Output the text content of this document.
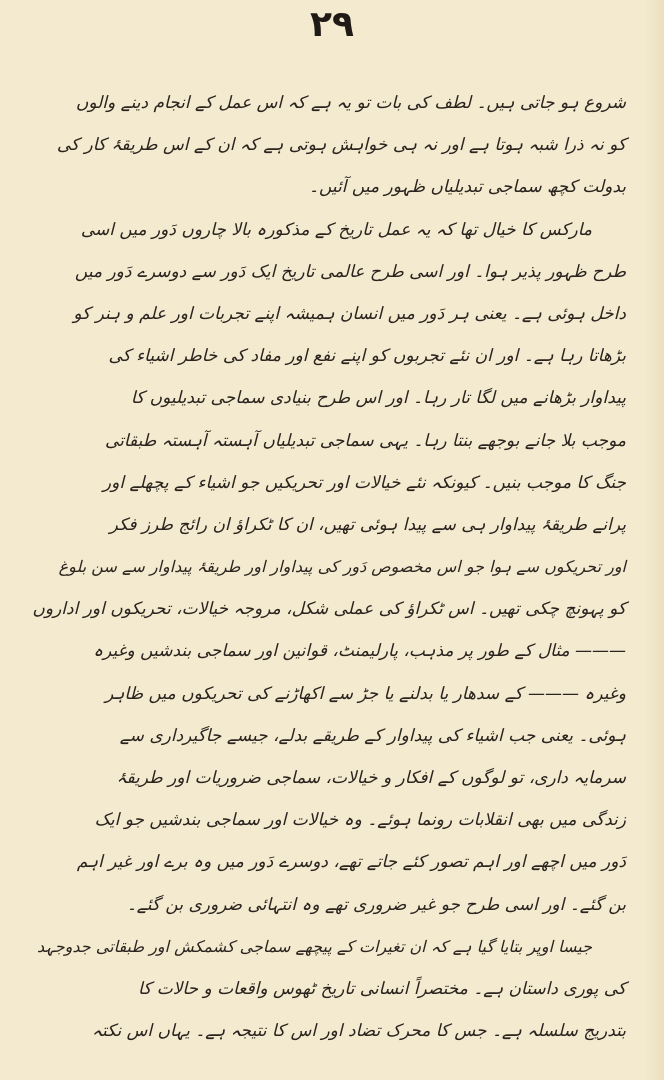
۲۹
شروع ہو جاتی ہیں۔ لطف کی بات تو یہ ہے کہ اس عمل کے انجام دینے والوں
کو نہ ذرا شبہ ہوتا ہے اور نہ ہی خواہش ہوتی ہے کہ ان کے اس طریقۂ کار کی
بدولت کچھ سماجی تبدیلیاں ظہور میں آئیں۔
مارکس کا خیال تھا کہ یہ عمل تاریخ کے مذکورہ بالا چاروں دَور میں اسی
طرح ظہور پذیر ہوا۔ اور اسی طرح عالمی تاریخ ایک دَور سے دوسرے دَور میں
داخل ہوئی ہے۔ یعنی ہر دَور میں انسان ہمیشہ اپنے تجربات اور علم و ہنر کو
بڑھاتا رہا ہے۔ اور ان نئے تجربوں کو اپنے نفع اور مفاد کی خاطر اشیاء کی
پیداوار بڑھانے میں لگا تار رہا۔ اور اس طرح بنیادی سماجی تبدیلیوں کا
موجب بلا جانے بوجھے بنتا رہا۔ یہی سماجی تبدیلیاں آہستہ آہستہ طبقاتی
جنگ کا موجب بنیں۔ کیونکہ نئے خیالات اور تحریکیں جو اشیاء کے پچھلے اور
پرانے طریقۂ پیداوار ہی سے پیدا ہوئی تھیں، ان کا ٹکراؤ ان رائج طرز فکر
اور تحریکوں سے ہوا جو اس مخصوص دَور کی پیداوار اور طریقۂ پیداوار سے سن بلوغ
کو پہونچ چکی تھیں۔ اس ٹکراؤ کی عملی شکل، مروجہ خیالات، تحریکوں اور اداروں
——— مثال کے طور پر مذہب، پارلیمنٹ، قوانین اور سماجی بندشیں وغیرہ
وغیرہ ——— کے سدھار یا بدلنے یا جڑ سے اکھاڑنے کی تحریکوں میں ظاہر
ہوئی۔ یعنی جب اشیاء کی پیداوار کے طریقے بدلے، جیسے جاگیرداری سے
سرمایہ داری، تو لوگوں کے افکار و خیالات، سماجی ضروریات اور طریقۂ
زندگی میں بھی انقلابات رونما ہوئے۔ وہ خیالات اور سماجی بندشیں جو ایک
دَور میں اچھے اور اہم تصور کئے جاتے تھے، دوسرے دَور میں وہ برے اور غیر اہم
بن گئے۔ اور اسی طرح جو غیر ضروری تھے وہ انتہائی ضروری بن گئے۔
جیسا اوپر بتایا گیا ہے کہ ان تغیرات کے پیچھے سماجی کشمکش اور طبقاتی جدوجہد
کی پوری داستان ہے۔ مختصراً انسانی تاریخ ٹھوس واقعات و حالات کا
بتدریج سلسلہ ہے۔ جس کا محرک تضاد اور اس کا نتیجہ ہے۔ یہاں اس نکتہ
